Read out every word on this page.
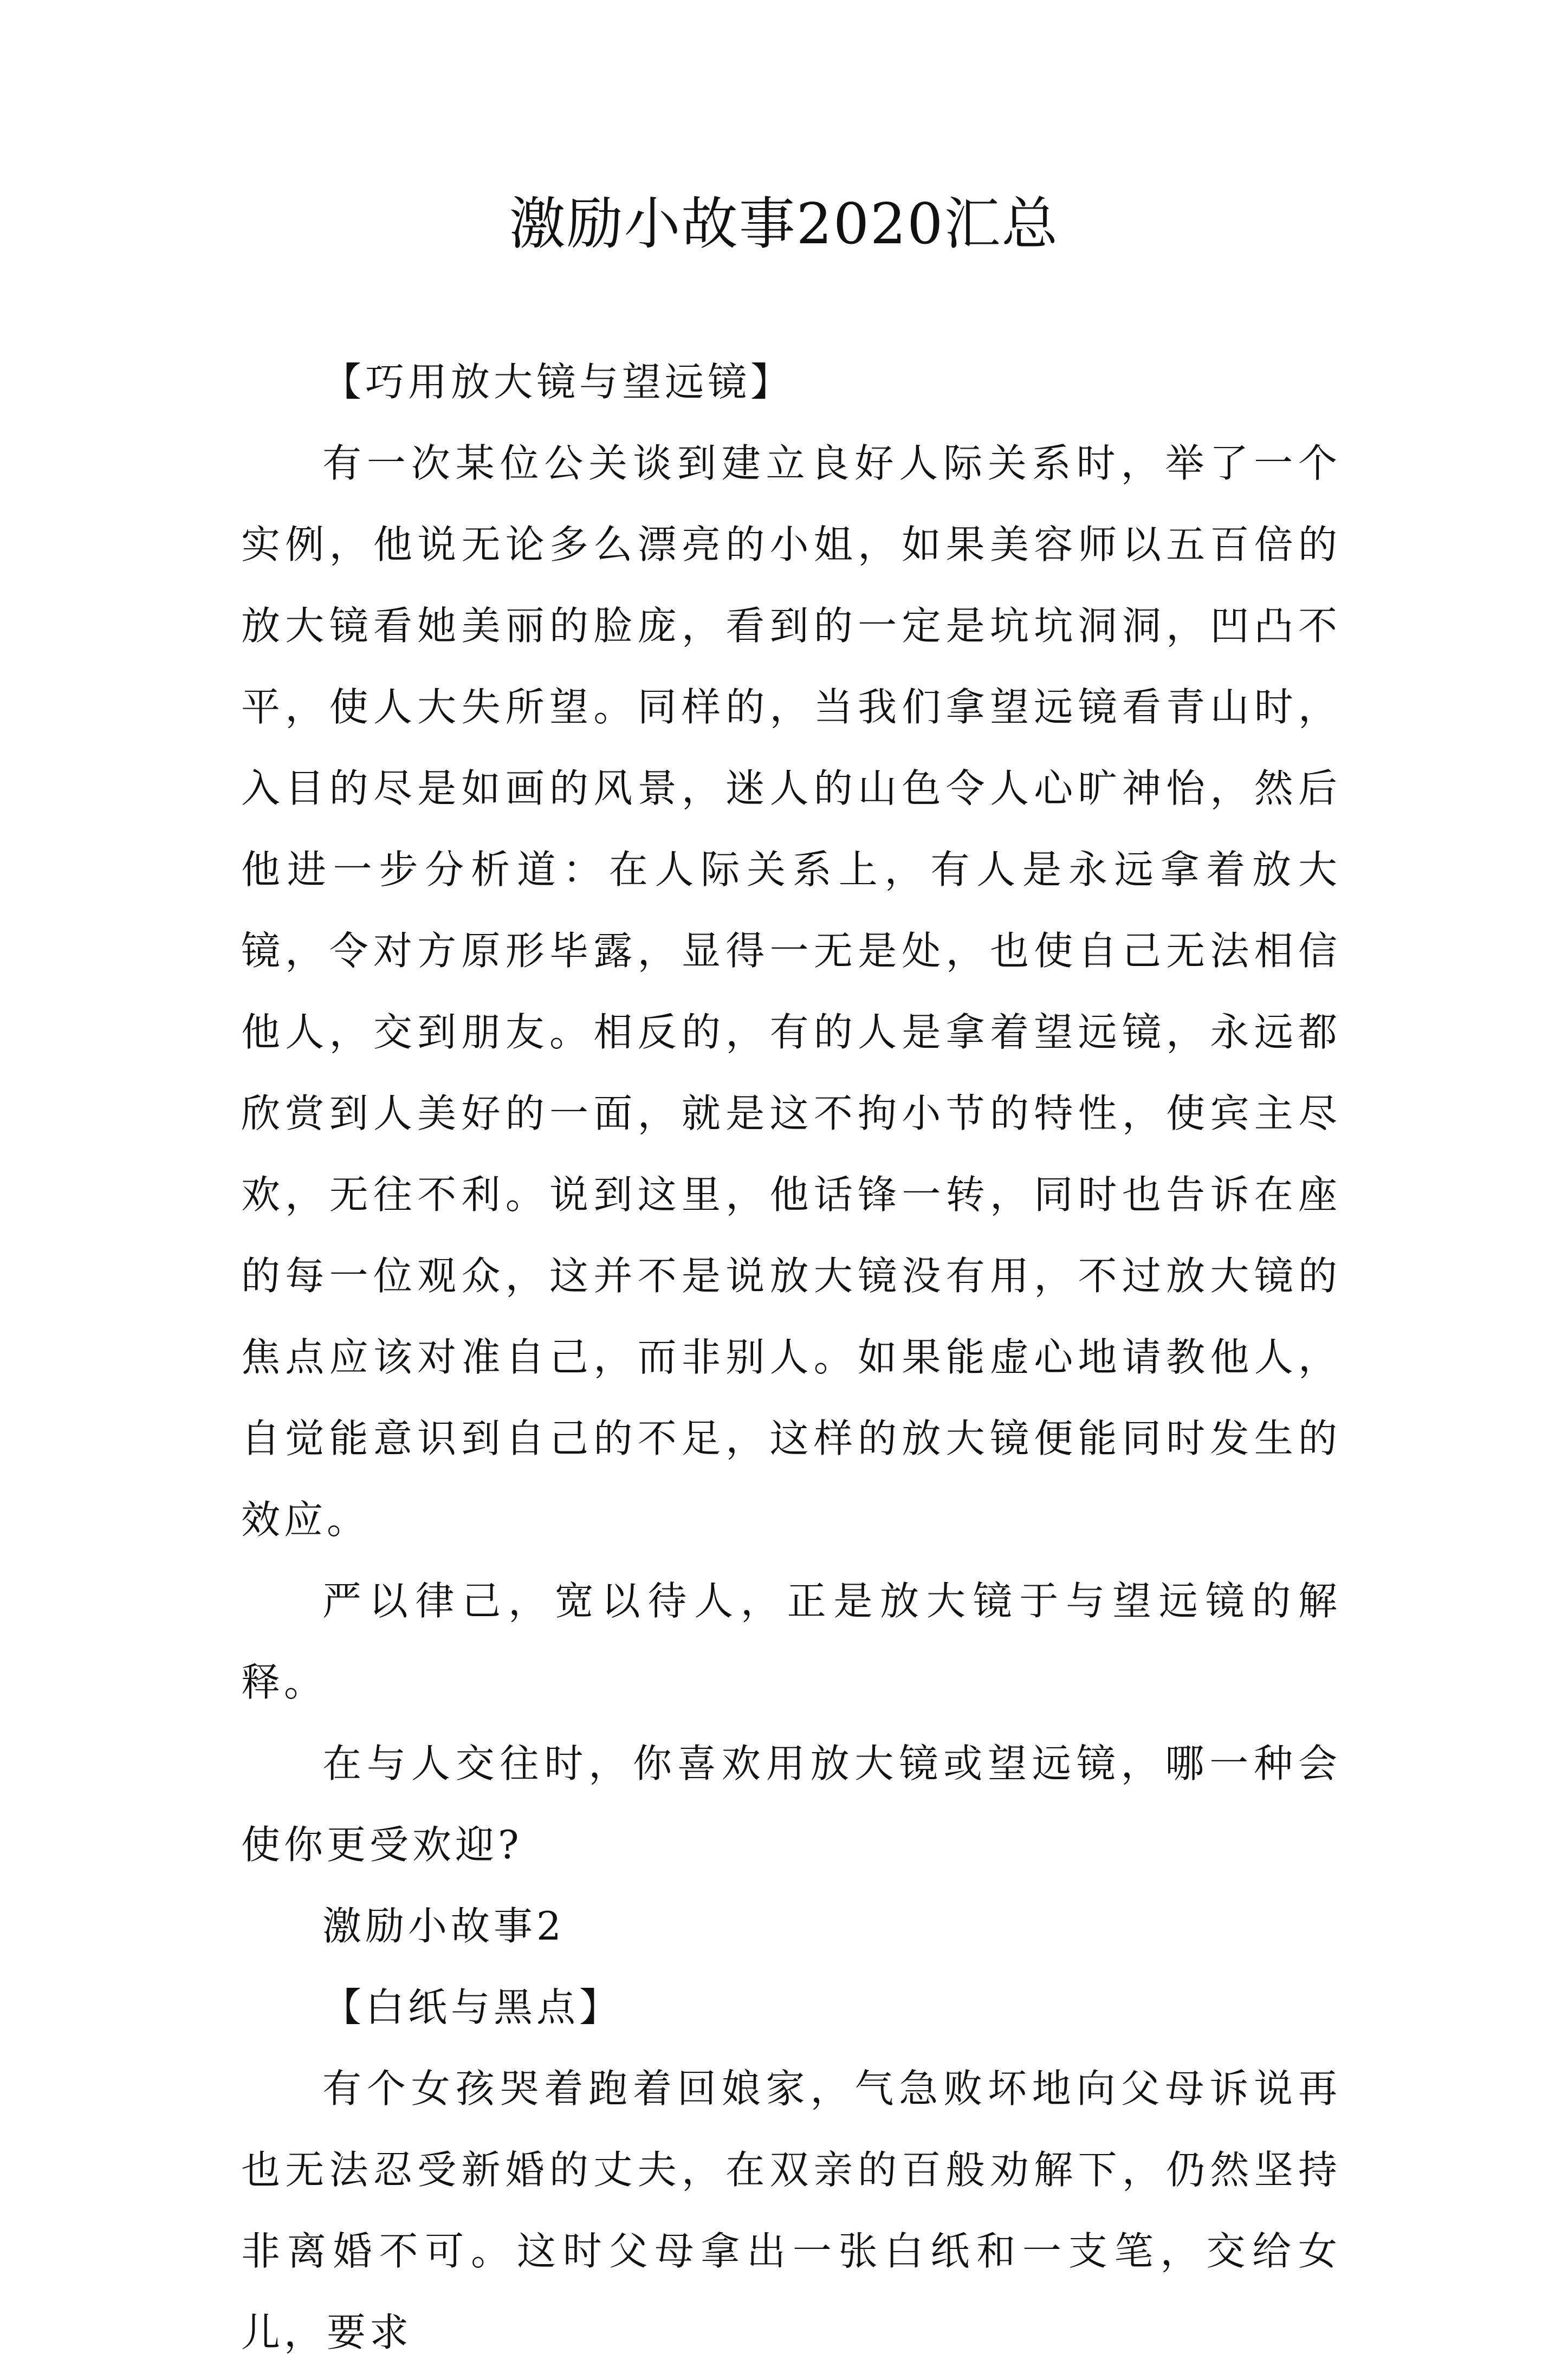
激励小故事2020汇总

【巧用放大镜与望远镜】

有一次某位公关谈到建立良好人际关系时，举了一个实例，他说无论多么漂亮的小姐，如果美容师以五百倍的放大镜看她美丽的脸庞，看到的一定是坑坑洞洞，凹凸不平，使人大失所望。同样的，当我们拿望远镜看青山时，入目的尽是如画的风景，迷人的山色令人心旷神怡，然后他进一步分析道：在人际关系上，有人是永远拿着放大镜，令对方原形毕露，显得一无是处，也使自己无法相信他人，交到朋友。相反的，有的人是拿着望远镜，永远都欣赏到人美好的一面，就是这不拘小节的特性，使宾主尽欢，无往不利。说到这里，他话锋一转，同时也告诉在座的每一位观众，这并不是说放大镜没有用，不过放大镜的焦点应该对准自己，而非别人。如果能虚心地请教他人，自觉能意识到自己的不足，这样的放大镜便能同时发生的效应。

严以律己，宽以待人，正是放大镜于与望远镜的解释。

在与人交往时，你喜欢用放大镜或望远镜，哪一种会使你更受欢迎?

激励小故事2

【白纸与黑点】

有个女孩哭着跑着回娘家，气急败坏地向父母诉说再也无法忍受新婚的丈夫，在双亲的百般劝解下，仍然坚持非离婚不可。这时父母拿出一张白纸和一支笔，交给女儿，要求
